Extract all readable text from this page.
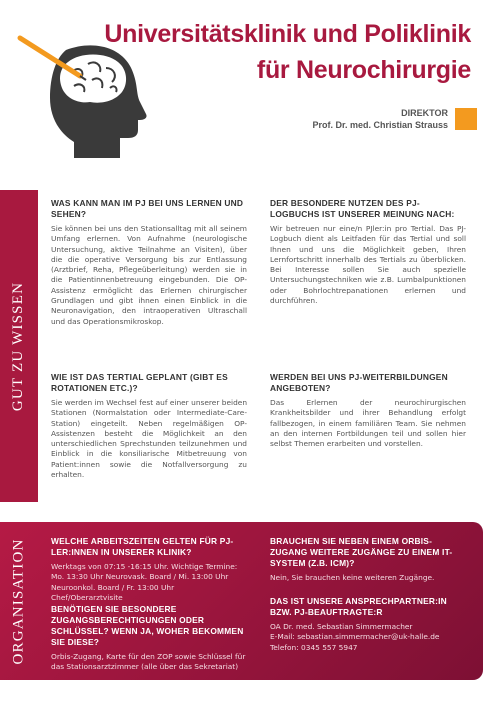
Universitätsklinik und Poliklinik
für Neurochirurgie
DIREKTOR
Prof. Dr. med. Christian Strauss
GUT ZU WISSEN

WAS KANN MAN IM PJ BEI UNS LERNEN UND SEHEN?

Sie können bei uns den Stationsalltag mit all seinem Umfang erlernen. Von Aufnahme (neurologische Untersuchung, aktive Teilnahme an Visiten), über die die operative Versorgung bis zur Entlassung (Arztbrief, Reha, Pflegeüberleitung) werden sie in die Patientinnenbetreuung eingebunden. Die OP-Assistenz ermöglicht das Erlernen chirurgischer Grundlagen und gibt ihnen einen Einblick in die Neuronavigation, den intraoperativen Ultraschall und das Operationsmikroskop.

WIE IST DAS TERTIAL GEPLANT (GIBT ES ROTATIONEN ETC.)?

Sie werden im Wechsel fest auf einer unserer beiden Stationen (Normalstation oder Intermediate-Care-Station) eingeteilt. Neben regelmäßigen OP-Assistenzen besteht die Möglichkeit an den unterschiedlichen Sprechstunden teilzunehmen und Einblick in die konsiliarische Mitbetreuung von Patient:innen sowie die Notfallversorgung zu erhalten.

DER BESONDERE NUTZEN DES PJ-LOGBUCHS IST UNSERER MEINUNG NACH:

Wir betreuen nur eine/n PJler:in pro Tertial. Das PJ-Logbuch dient als Leitfaden für das Tertial und soll Ihnen und uns die Möglichkeit geben, Ihren Lernfortschritt innerhalb des Tertials zu überblicken. Bei Interesse sollen Sie auch spezielle Untersuchungstechniken wie z.B. Lumbalpunktionen oder Bohrlochtrepanationen erlernen und durchführen.

WERDEN BEI UNS PJ-WEITERBILDUNGEN ANGEBOTEN?

Das Erlernen der neurochirurgischen Krankheitsbilder und ihrer Behandlung erfolgt fallbezogen, in einem familiären Team. Sie nehmen an den internen Fortbildungen teil und sollen hier selbst Themen erarbeiten und vorstellen.

ORGANISATION	WELCHE ARBEITSZEITEN GELTEN FÜR PJ-LER:INNEN IN UNSERER KLINIK?

Werktags von 07:15 -16:15 Uhr. Wichtige Termine: Mo. 13:30 Uhr Neurovask. Board / Mi. 13:00 Uhr Neuroonkol. Board / Fr. 13:00 Uhr Chef/Oberarztvisite

BENÖTIGEN SIE BESONDERE ZUGANGSBERECHTIGUNGEN ODER SCHLÜSSEL? WENN JA, WOHER BEKOMMEN SIE DIESE?

Orbis-Zugang, Karte für den ZOP sowie Schlüssel für das Stationsarztzimmer (alle über das Sekretariat)

BRAUCHEN SIE NEBEN EINEM ORBIS-ZUGANG WEITERE ZUGÄNGE ZU EINEM IT-SYSTEM (Z.B. ICM)?

Nein, Sie brauchen keine weiteren Zugänge.

DAS IST UNSERE ANSPRECHPARTNER:IN BZW. PJ-BEAUFTRAGTE:R

OA Dr. med. Sebastian Simmermacher

E-Mail: sebastian.simmermacher@uk-halle.de

Telefon: 0345 557 5947
